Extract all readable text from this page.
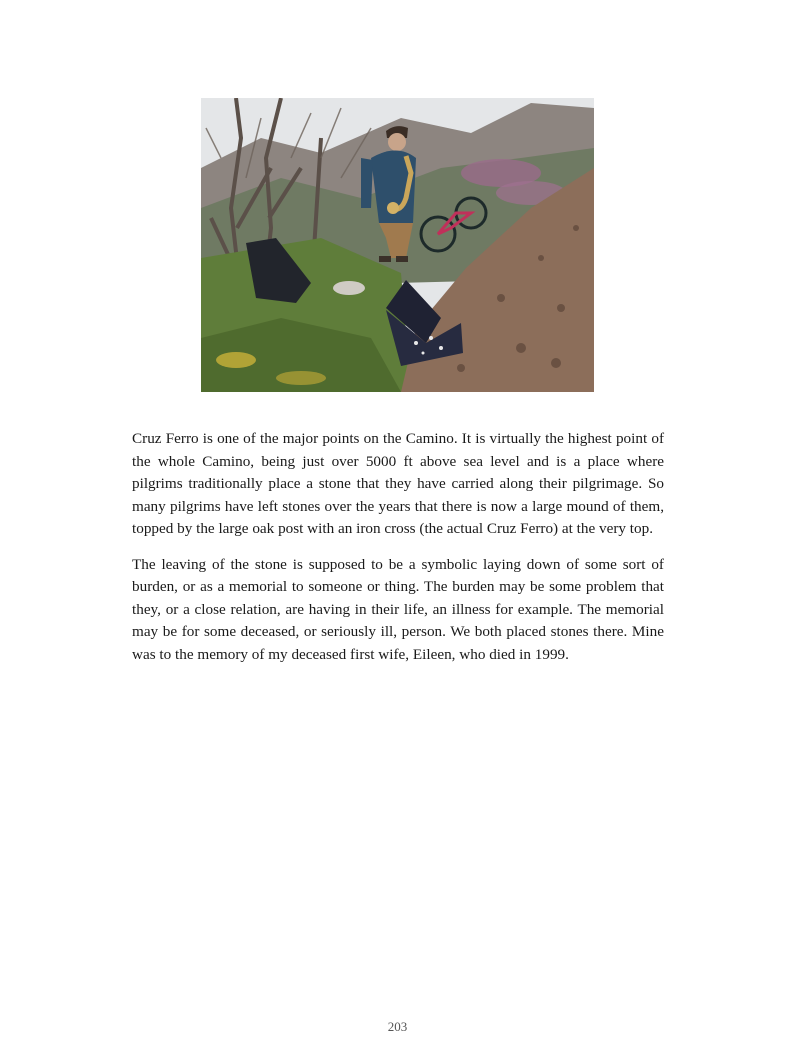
Cruz Ferro is one of the major points on the Camino. It is virtually the highest point of the whole Camino, being just over 5000 ft above sea level and is a place where pilgrims traditionally place a stone that they have carried along their pilgrimage. So many pilgrims have left stones over the years that there is now a large mound of them, topped by the large oak post with an iron cross (the actual Cruz Ferro) at the very top.

The leaving of the stone is supposed to be a symbolic laying down of some sort of burden, or as a memorial to someone or thing. The burden may be some problem that they, or a close relation, are having in their life, an illness for example. The memorial may be for some deceased, or seriously ill, person. We both placed stones there. Mine was to the memory of my deceased first wife, Eileen, who died in 1999.

203
